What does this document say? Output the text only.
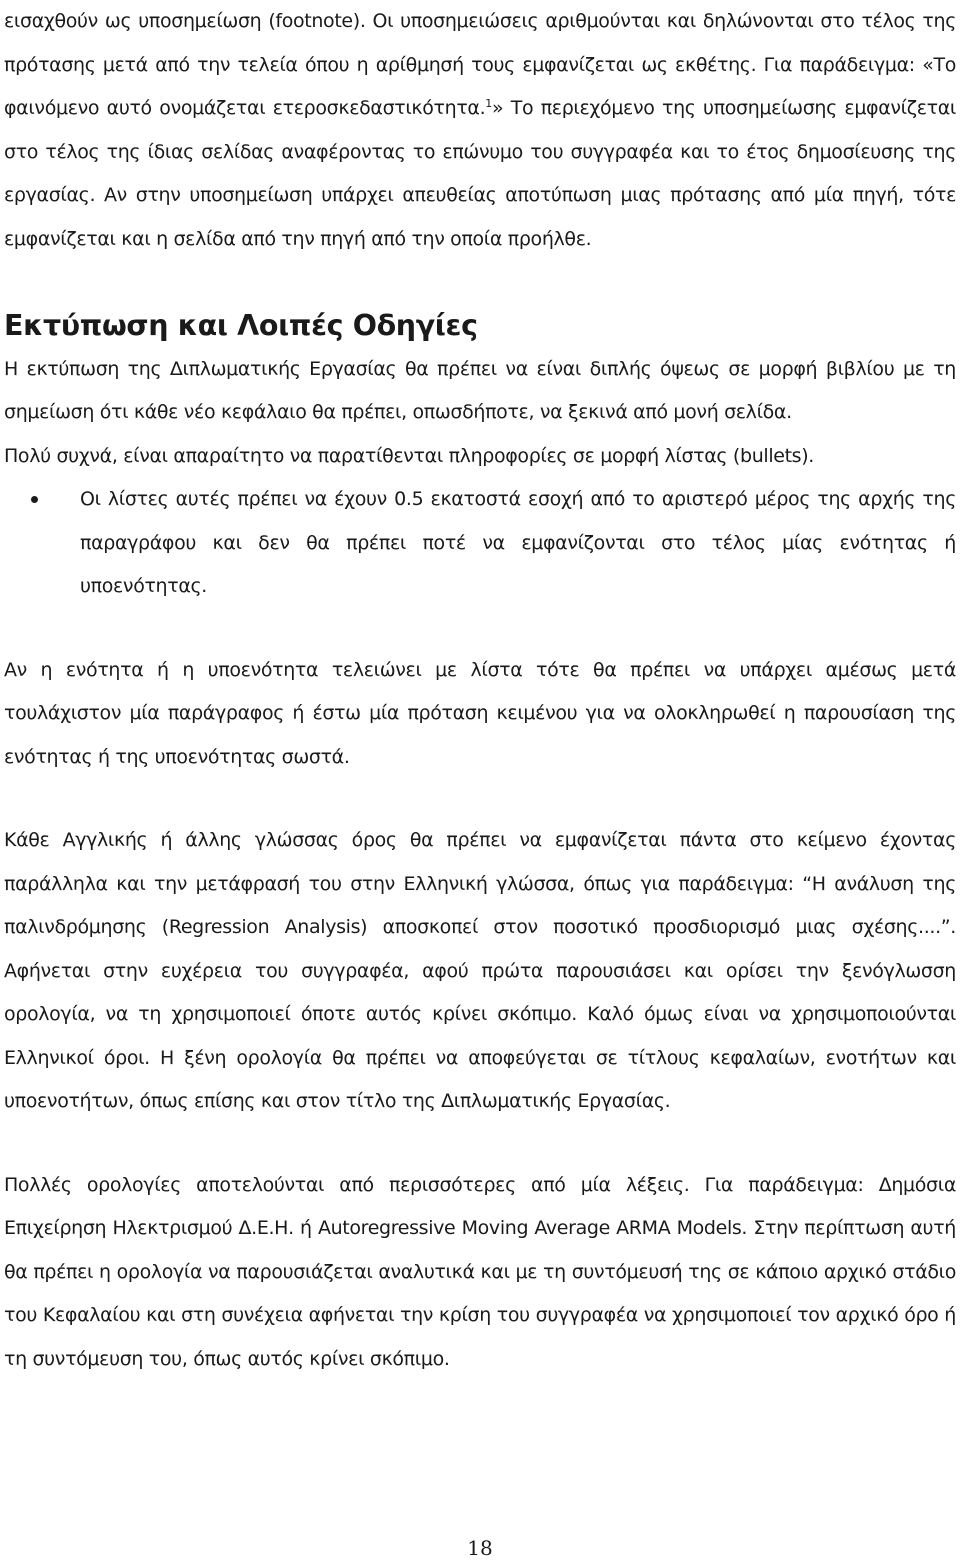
εισαχθούν ως υποσημείωση (footnote). Οι υποσημειώσεις αριθμούνται και δηλώνονται στο τέλος της πρότασης μετά από την τελεία όπου η αρίθμησή τους εμφανίζεται ως εκθέτης. Για παράδειγμα: «Το φαινόμενο αυτό ονομάζεται ετεροσκεδαστικότητα.$^1$» Το περιεχόμενο της υποσημείωσης εμφανίζεται στο τέλος της ίδιας σελίδας αναφέροντας το επώνυμο του συγγραφέα και το έτος δημοσίευσης της εργασίας. Αν στην υποσημείωση υπάρχει απευθείας αποτύπωση μιας πρότασης από μία πηγή, τότε εμφανίζεται και η σελίδα από την πηγή από την οποία προήλθε.

Εκτύπωση και Λοιπές Οδηγίες

Η εκτύπωση της Διπλωματικής Εργασίας θα πρέπει να είναι διπλής όψεως σε μορφή βιβλίου με τη σημείωση ότι κάθε νέο κεφάλαιο θα πρέπει, οπωσδήποτε, να ξεκινά από μονή σελίδα.

Πολύ συχνά, είναι απαραίτητο να παρατίθενται πληροφορίες σε μορφή λίστας (bullets).

Οι λίστες αυτές πρέπει να έχουν 0.5 εκατοστά εσοχή από το αριστερό μέρος της αρχής της παραγράφου και δεν θα πρέπει ποτέ να εμφανίζονται στο τέλος μίας ενότητας ή υποενότητας.

Αν η ενότητα ή η υποενότητα τελειώνει με λίστα τότε θα πρέπει να υπάρχει αμέσως μετά τουλάχιστον μία παράγραφος ή έστω μία πρόταση κειμένου για να ολοκληρωθεί η παρουσίαση της ενότητας ή της υποενότητας σωστά.

Κάθε Αγγλικής ή άλλης γλώσσας όρος θα πρέπει να εμφανίζεται πάντα στο κείμενο έχοντας παράλληλα και την μετάφρασή του στην Ελληνική γλώσσα, όπως για παράδειγμα: “Η ανάλυση της παλινδρόμησης (Regression Analysis) αποσκοπεί στον ποσοτικό προσδιορισμό μιας σχέσης....”. Αφήνεται στην ευχέρεια του συγγραφέα, αφού πρώτα παρουσιάσει και ορίσει την ξενόγλωσση ορολογία, να τη χρησιμοποιεί όποτε αυτός κρίνει σκόπιμο. Καλό όμως είναι να χρησιμοποιούνται Ελληνικοί όροι. Η ξένη ορολογία θα πρέπει να αποφεύγεται σε τίτλους κεφαλαίων, ενοτήτων και υποενοτήτων, όπως επίσης και στον τίτλο της Διπλωματικής Εργασίας.

Πολλές ορολογίες αποτελούνται από περισσότερες από μία λέξεις. Για παράδειγμα: Δημόσια Επιχείρηση Ηλεκτρισμού Δ.Ε.Η. ή Autoregressive Moving Average ARMA Models. Στην περίπτωση αυτή θα πρέπει η ορολογία να παρουσιάζεται αναλυτικά και με τη συντόμευσή της σε κάποιο αρχικό στάδιο του Κεφαλαίου και στη συνέχεια αφήνεται την κρίση του συγγραφέα να χρησιμοποιεί τον αρχικό όρο ή τη συντόμευση του, όπως αυτός κρίνει σκόπιμο.

18
